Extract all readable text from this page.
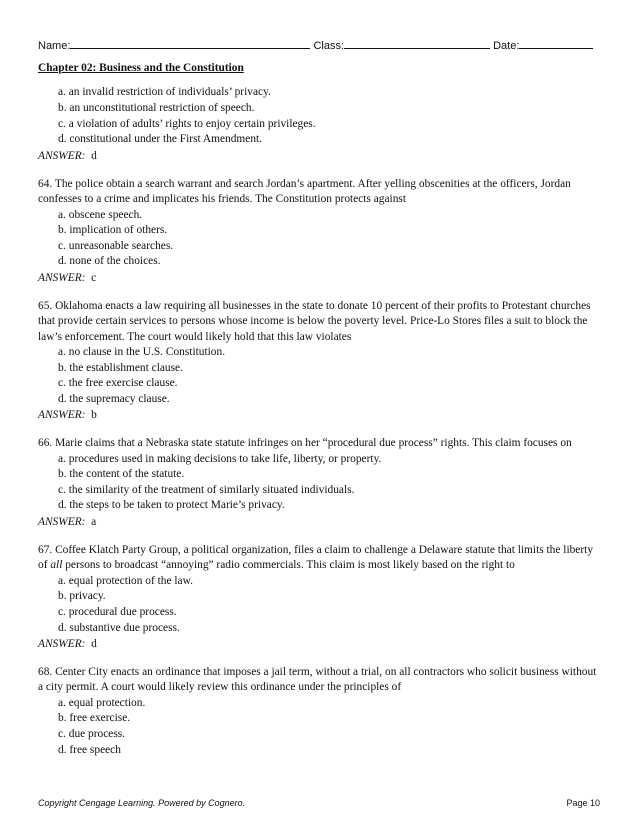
Name:	Class:	Date:

Chapter 02: Business and the Constitution

a. an invalid restriction of individuals’ privacy.

b. an unconstitutional restriction of speech.

c. a violation of adults’ rights to enjoy certain privileges.

d. constitutional under the First Amendment.

ANSWER: d

64. The police obtain a search warrant and search Jordan’s apartment. After yelling obscenities at the officers, Jordan confesses to a crime and implicates his friends. The Constitution protects against

a. obscene speech.

b. implication of others.

c. unreasonable searches.

d. none of the choices.

ANSWER: c

65. Oklahoma enacts a law requiring all businesses in the state to donate 10 percent of their profits to Protestant churches that provide certain services to persons whose income is below the poverty level. Price-Lo Stores files a suit to block the law’s enforcement. The court would likely hold that this law violates

a. no clause in the U.S. Constitution.

b. the establishment clause.

c. the free exercise clause.

d. the supremacy clause.

ANSWER: b

66. Marie claims that a Nebraska state statute infringes on her “procedural due process” rights. This claim focuses on

a. procedures used in making decisions to take life, liberty, or property.

b. the content of the statute.

c. the similarity of the treatment of similarly situated individuals.

d. the steps to be taken to protect Marie’s privacy.

ANSWER: a

67. Coffee Klatch Party Group, a political organization, files a claim to challenge a Delaware statute that limits the liberty of all persons to broadcast “annoying” radio commercials. This claim is most likely based on the right to

a. equal protection of the law.

b. privacy.

c. procedural due process.

d. substantive due process.

ANSWER: d

68. Center City enacts an ordinance that imposes a jail term, without a trial, on all contractors who solicit business without a city permit. A court would likely review this ordinance under the principles of

a. equal protection.

b. free exercise.

c. due process.

d. free speech

Copyright Cengage Learning. Powered by Cognero.	Page 10
